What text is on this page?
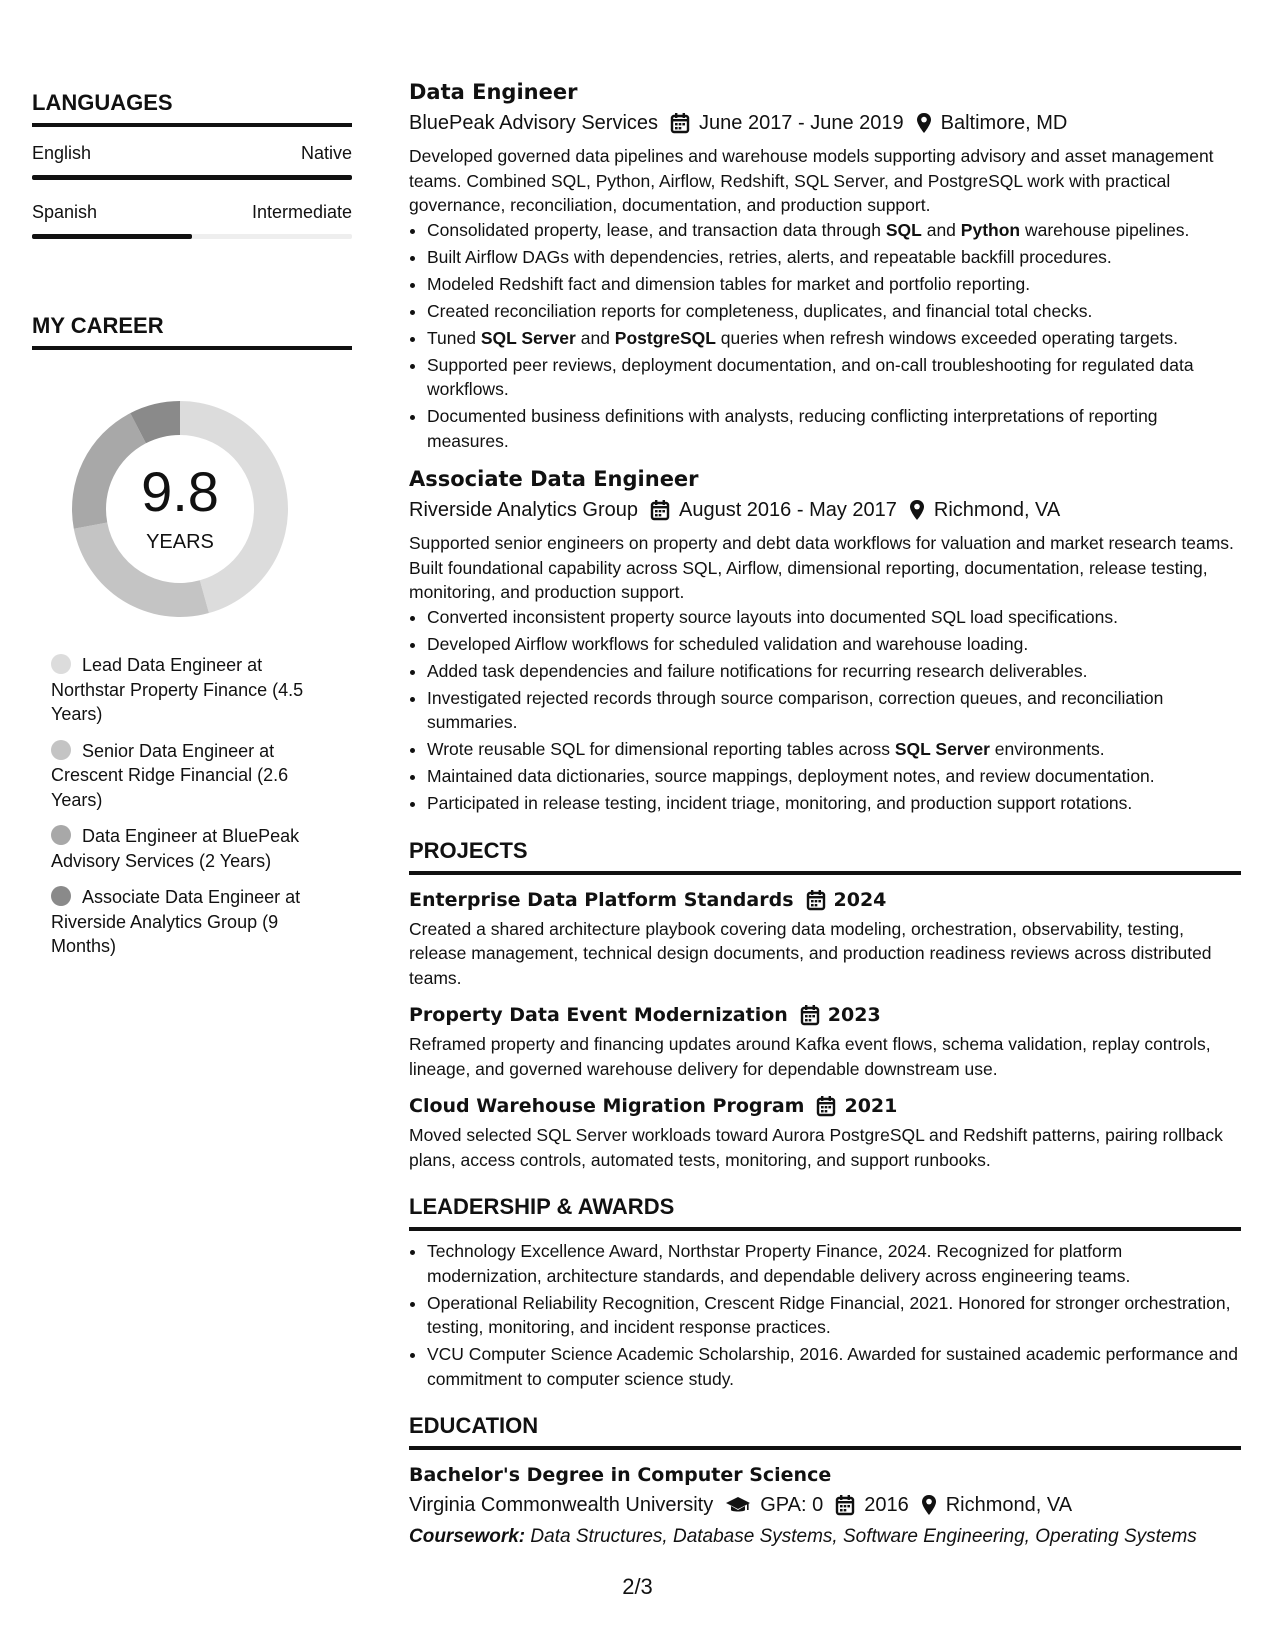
LANGUAGES
English	Native
Spanish	Intermediate
MY CAREER
9.8
YEARS
Lead Data Engineer at Northstar Property Finance (4.5 Years)
Senior Data Engineer at Crescent Ridge Financial (2.6 Years)
Data Engineer at BluePeak Advisory Services (2 Years)
Associate Data Engineer at Riverside Analytics Group (9 Months)
Data Engineer
BluePeak Advisory Services June 2017 - June 2019 Baltimore, MD
Developed governed data pipelines and warehouse models supporting advisory and asset management teams. Combined SQL, Python, Airflow, Redshift, SQL Server, and PostgreSQL work with practical governance, reconciliation, documentation, and production support.
• Consolidated property, lease, and transaction data through SQL and Python warehouse pipelines.
• Built Airflow DAGs with dependencies, retries, alerts, and repeatable backfill procedures.
• Modeled Redshift fact and dimension tables for market and portfolio reporting.
• Created reconciliation reports for completeness, duplicates, and financial total checks.
• Tuned SQL Server and PostgreSQL queries when refresh windows exceeded operating targets.
• Supported peer reviews, deployment documentation, and on-call troubleshooting for regulated data workflows.
• Documented business definitions with analysts, reducing conflicting interpretations of reporting measures.
Associate Data Engineer
Riverside Analytics Group August 2016 - May 2017 Richmond, VA
Supported senior engineers on property and debt data workflows for valuation and market research teams. Built foundational capability across SQL, Airflow, dimensional reporting, documentation, release testing, monitoring, and production support.
• Converted inconsistent property source layouts into documented SQL load specifications.
• Developed Airflow workflows for scheduled validation and warehouse loading.
• Added task dependencies and failure notifications for recurring research deliverables.
• Investigated rejected records through source comparison, correction queues, and reconciliation summaries.
• Wrote reusable SQL for dimensional reporting tables across SQL Server environments.
• Maintained data dictionaries, source mappings, deployment notes, and review documentation.
• Participated in release testing, incident triage, monitoring, and production support rotations.
PROJECTS
Enterprise Data Platform Standards 2024
Created a shared architecture playbook covering data modeling, orchestration, observability, testing, release management, technical design documents, and production readiness reviews across distributed teams.
Property Data Event Modernization 2023
Reframed property and financing updates around Kafka event flows, schema validation, replay controls, lineage, and governed warehouse delivery for dependable downstream use.
Cloud Warehouse Migration Program 2021
Moved selected SQL Server workloads toward Aurora PostgreSQL and Redshift patterns, pairing rollback plans, access controls, automated tests, monitoring, and support runbooks.
LEADERSHIP & AWARDS
• Technology Excellence Award, Northstar Property Finance, 2024. Recognized for platform modernization, architecture standards, and dependable delivery across engineering teams.
• Operational Reliability Recognition, Crescent Ridge Financial, 2021. Honored for stronger orchestration, testing, monitoring, and incident response practices.
• VCU Computer Science Academic Scholarship, 2016. Awarded for sustained academic performance and commitment to computer science study.
EDUCATION
Bachelor's Degree in Computer Science
Virginia Commonwealth University GPA: 0 2016 Richmond, VA
Coursework: Data Structures, Database Systems, Software Engineering, Operating Systems
2/3
